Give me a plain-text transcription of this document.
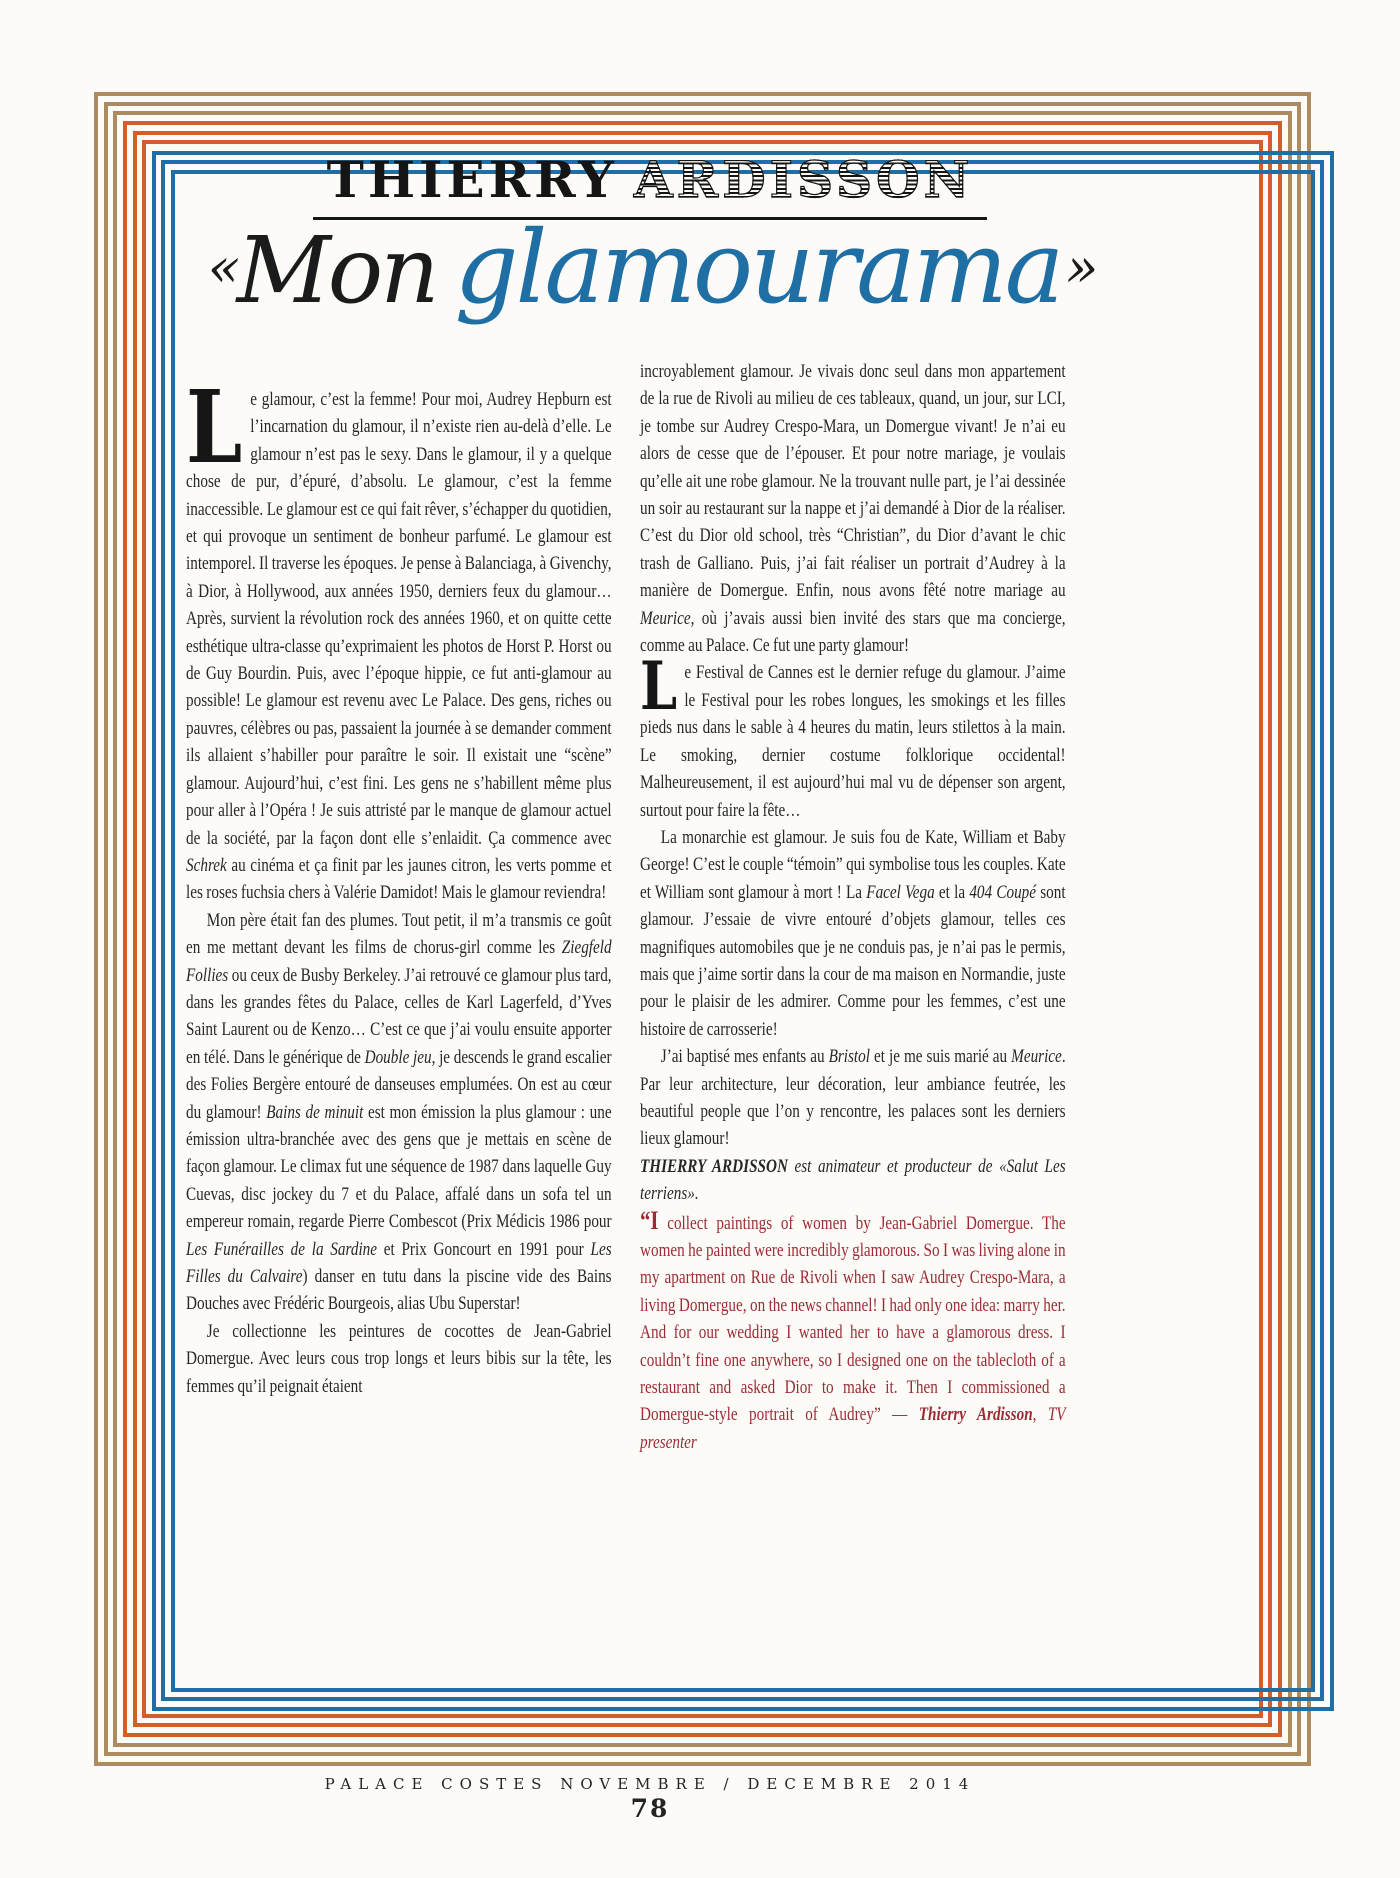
THIERRY ARDISSON
«Mon glamourama»

Le glamour, c’est la femme! Pour moi, Audrey Hepburn est l’incarnation du glamour, il n’existe rien au-delà d’elle. Le glamour n’est pas le sexy. Dans le glamour, il y a quelque chose de pur, d’épuré, d’absolu. Le glamour, c’est la femme inaccessible. Le glamour est ce qui fait rêver, s’échapper du quotidien, et qui provoque un sentiment de bonheur parfumé. Le glamour est intemporel. Il traverse les époques. Je pense à Balanciaga, à Givenchy, à Dior, à Hollywood, aux années 1950, derniers feux du glamour… Après, survient la révolution rock des années 1960, et on quitte cette esthétique ultra-classe qu’exprimaient les photos de Horst P. Horst ou de Guy Bourdin. Puis, avec l’époque hippie, ce fut anti-glamour au possible! Le glamour est revenu avec Le Palace. Des gens, riches ou pauvres, célèbres ou pas, passaient la journée à se demander comment ils allaient s’habiller pour paraître le soir. Il existait une “scène” glamour. Aujourd’hui, c’est fini. Les gens ne s’habillent même plus pour aller à l’Opéra ! Je suis attristé par le manque de glamour actuel de la société, par la façon dont elle s’enlaidit. Ça commence avec Schrek au cinéma et ça finit par les jaunes citron, les verts pomme et les roses fuchsia chers à Valérie Damidot! Mais le glamour reviendra!

Mon père était fan des plumes. Tout petit, il m’a transmis ce goût en me mettant devant les films de chorus-girl comme les Ziegfeld Follies ou ceux de Busby Berkeley. J’ai retrouvé ce glamour plus tard, dans les grandes fêtes du Palace, celles de Karl Lagerfeld, d’Yves Saint Laurent ou de Kenzo… C’est ce que j’ai voulu ensuite apporter en télé. Dans le générique de Double jeu, je descends le grand escalier des Folies Bergère entouré de danseuses emplumées. On est au cœur du glamour! Bains de minuit est mon émission la plus glamour : une émission ultra-branchée avec des gens que je mettais en scène de façon glamour. Le climax fut une séquence de 1987 dans laquelle Guy Cuevas, disc jockey du 7 et du Palace, affalé dans un sofa tel un empereur romain, regarde Pierre Combescot (Prix Médicis 1986 pour Les Funérailles de la Sardine et Prix Goncourt en 1991 pour Les Filles du Calvaire) danser en tutu dans la piscine vide des Bains Douches avec Frédéric Bourgeois, alias Ubu Superstar!

Je collectionne les peintures de cocottes de Jean-Gabriel Domergue. Avec leurs cous trop longs et leurs bibis sur la tête, les femmes qu’il peignait étaient

incroyablement glamour. Je vivais donc seul dans mon appartement de la rue de Rivoli au milieu de ces tableaux, quand, un jour, sur LCI, je tombe sur Audrey Crespo-Mara, un Domergue vivant! Je n’ai eu alors de cesse que de l’épouser. Et pour notre mariage, je voulais qu’elle ait une robe glamour. Ne la trouvant nulle part, je l’ai dessinée un soir au restaurant sur la nappe et j’ai demandé à Dior de la réaliser. C’est du Dior old school, très “Christian”, du Dior d’avant le chic trash de Galliano. Puis, j’ai fait réaliser un portrait d’Audrey à la manière de Domergue. Enfin, nous avons fêté notre mariage au Meurice, où j’avais aussi bien invité des stars que ma concierge, comme au Palace. Ce fut une party glamour!

Le Festival de Cannes est le dernier refuge du glamour. J’aime le Festival pour les robes longues, les smokings et les filles pieds nus dans le sable à 4 heures du matin, leurs stilettos à la main. Le smoking, dernier costume folklorique occidental! Malheureusement, il est aujourd’hui mal vu de dépenser son argent, surtout pour faire la fête…

La monarchie est glamour. Je suis fou de Kate, William et Baby George! C’est le couple “témoin” qui symbolise tous les couples. Kate et William sont glamour à mort ! La Facel Vega et la 404 Coupé sont glamour. J’essaie de vivre entouré d’objets glamour, telles ces magnifiques automobiles que je ne conduis pas, je n’ai pas le permis, mais que j’aime sortir dans la cour de ma maison en Normandie, juste pour le plaisir de les admirer. Comme pour les femmes, c’est une histoire de carrosserie!

J’ai baptisé mes enfants au Bristol et je me suis marié au Meurice. Par leur architecture, leur décoration, leur ambiance feutrée, les beautiful people que l’on y rencontre, les palaces sont les derniers lieux glamour!

THIERRY ARDISSON est animateur et producteur de «Salut Les terriens».

“I collect paintings of women by Jean-Gabriel Domergue. The women he painted were incredibly glamorous. So I was living alone in my apartment on Rue de Rivoli when I saw Audrey Crespo-Mara, a living Domergue, on the news channel! I had only one idea: marry her. And for our wedding I wanted her to have a glamorous dress. I couldn’t fine one anywhere, so I designed one on the tablecloth of a restaurant and asked Dior to make it. Then I commissioned a Domergue-style portrait of Audrey” — Thierry Ardisson, TV presenter

PALACE COSTES NOVEMBRE / DECEMBRE 2014
78
